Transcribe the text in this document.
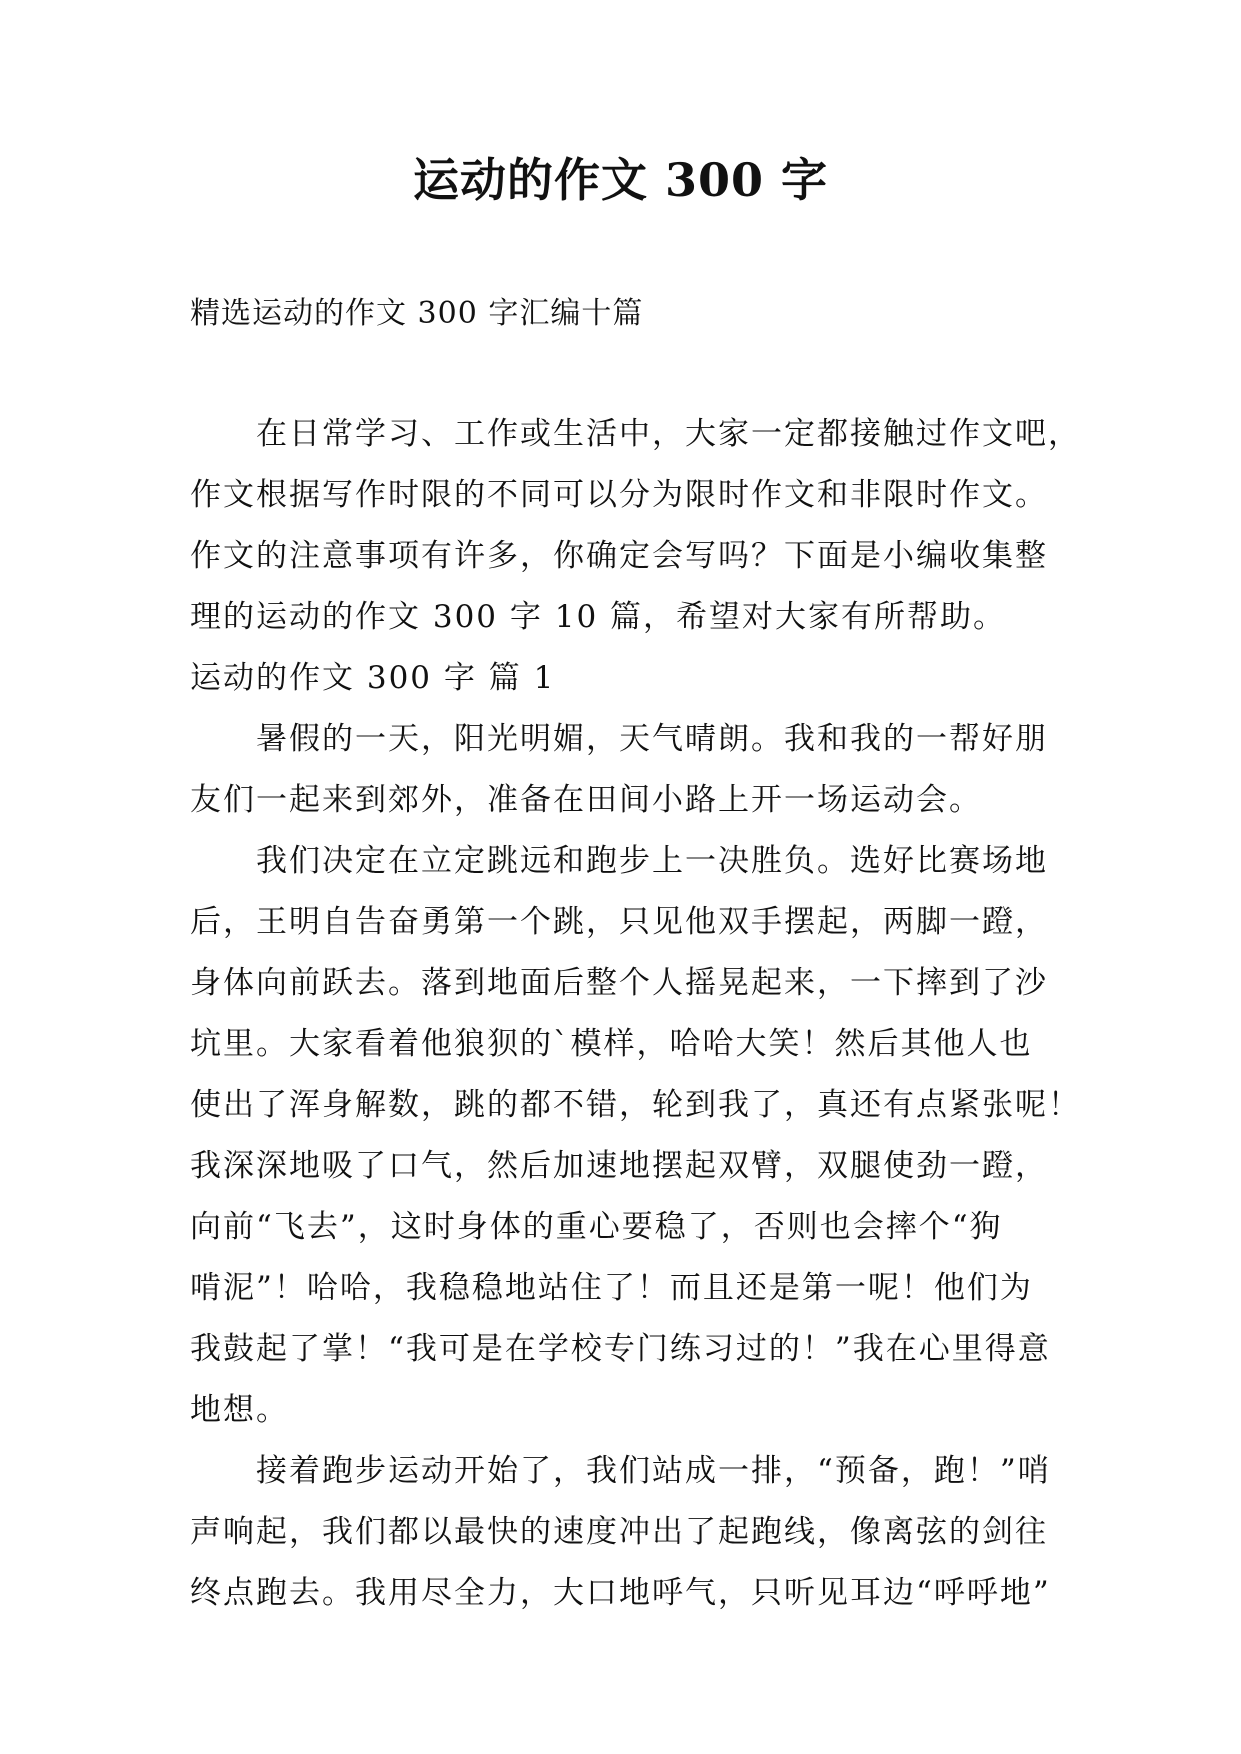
运动的作文 300 字
精选运动的作文 300 字汇编十篇
在日常学习、工作或生活中，大家一定都接触过作文吧，
作文根据写作时限的不同可以分为限时作文和非限时作文。
作文的注意事项有许多，你确定会写吗？下面是小编收集整
理的运动的作文 300 字 10 篇，希望对大家有所帮助。
运动的作文 300 字 篇 1
暑假的一天，阳光明媚，天气晴朗。我和我的一帮好朋
友们一起来到郊外，准备在田间小路上开一场运动会。
我们决定在立定跳远和跑步上一决胜负。选好比赛场地
后，王明自告奋勇第一个跳，只见他双手摆起，两脚一蹬，
身体向前跃去。落到地面后整个人摇晃起来，一下摔到了沙
坑里。大家看着他狼狈的`模样，哈哈大笑！然后其他人也
使出了浑身解数，跳的都不错，轮到我了，真还有点紧张呢！
我深深地吸了口气，然后加速地摆起双臂，双腿使劲一蹬，
向前“飞去”，这时身体的重心要稳了，否则也会摔个“狗
啃泥”！哈哈，我稳稳地站住了！而且还是第一呢！他们为
我鼓起了掌！“我可是在学校专门练习过的！”我在心里得意
地想。
接着跑步运动开始了，我们站成一排，“预备，跑！”哨
声响起，我们都以最快的速度冲出了起跑线，像离弦的剑往
终点跑去。我用尽全力，大口地呼气，只听见耳边“呼呼地”
